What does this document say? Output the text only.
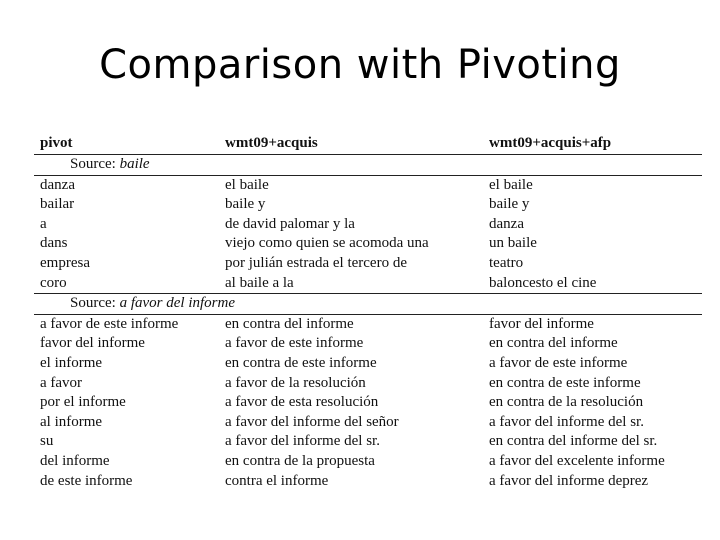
Comparison with Pivoting
pivot	wmt09+acquis	wmt09+acquis+afp
Source: baile
danza	el baile	el baile
bailar	baile y	baile y
a	de david palomar y la	danza
dans	viejo como quien se acomoda una	un baile
empresa	por julián estrada el tercero de	teatro
coro	al baile a la	baloncesto el cine
Source: a favor del informe
a favor de este informe	en contra del informe	favor del informe
favor del informe	a favor de este informe	en contra del informe
el informe	en contra de este informe	a favor de este informe
a favor	a favor de la resolución	en contra de este informe
por el informe	a favor de esta resolución	en contra de la resolución
al informe	a favor del informe del señor	a favor del informe del sr.
su	a favor del informe del sr.	en contra del informe del sr.
del informe	en contra de la propuesta	a favor del excelente informe
de este informe	contra el informe	a favor del informe deprez
